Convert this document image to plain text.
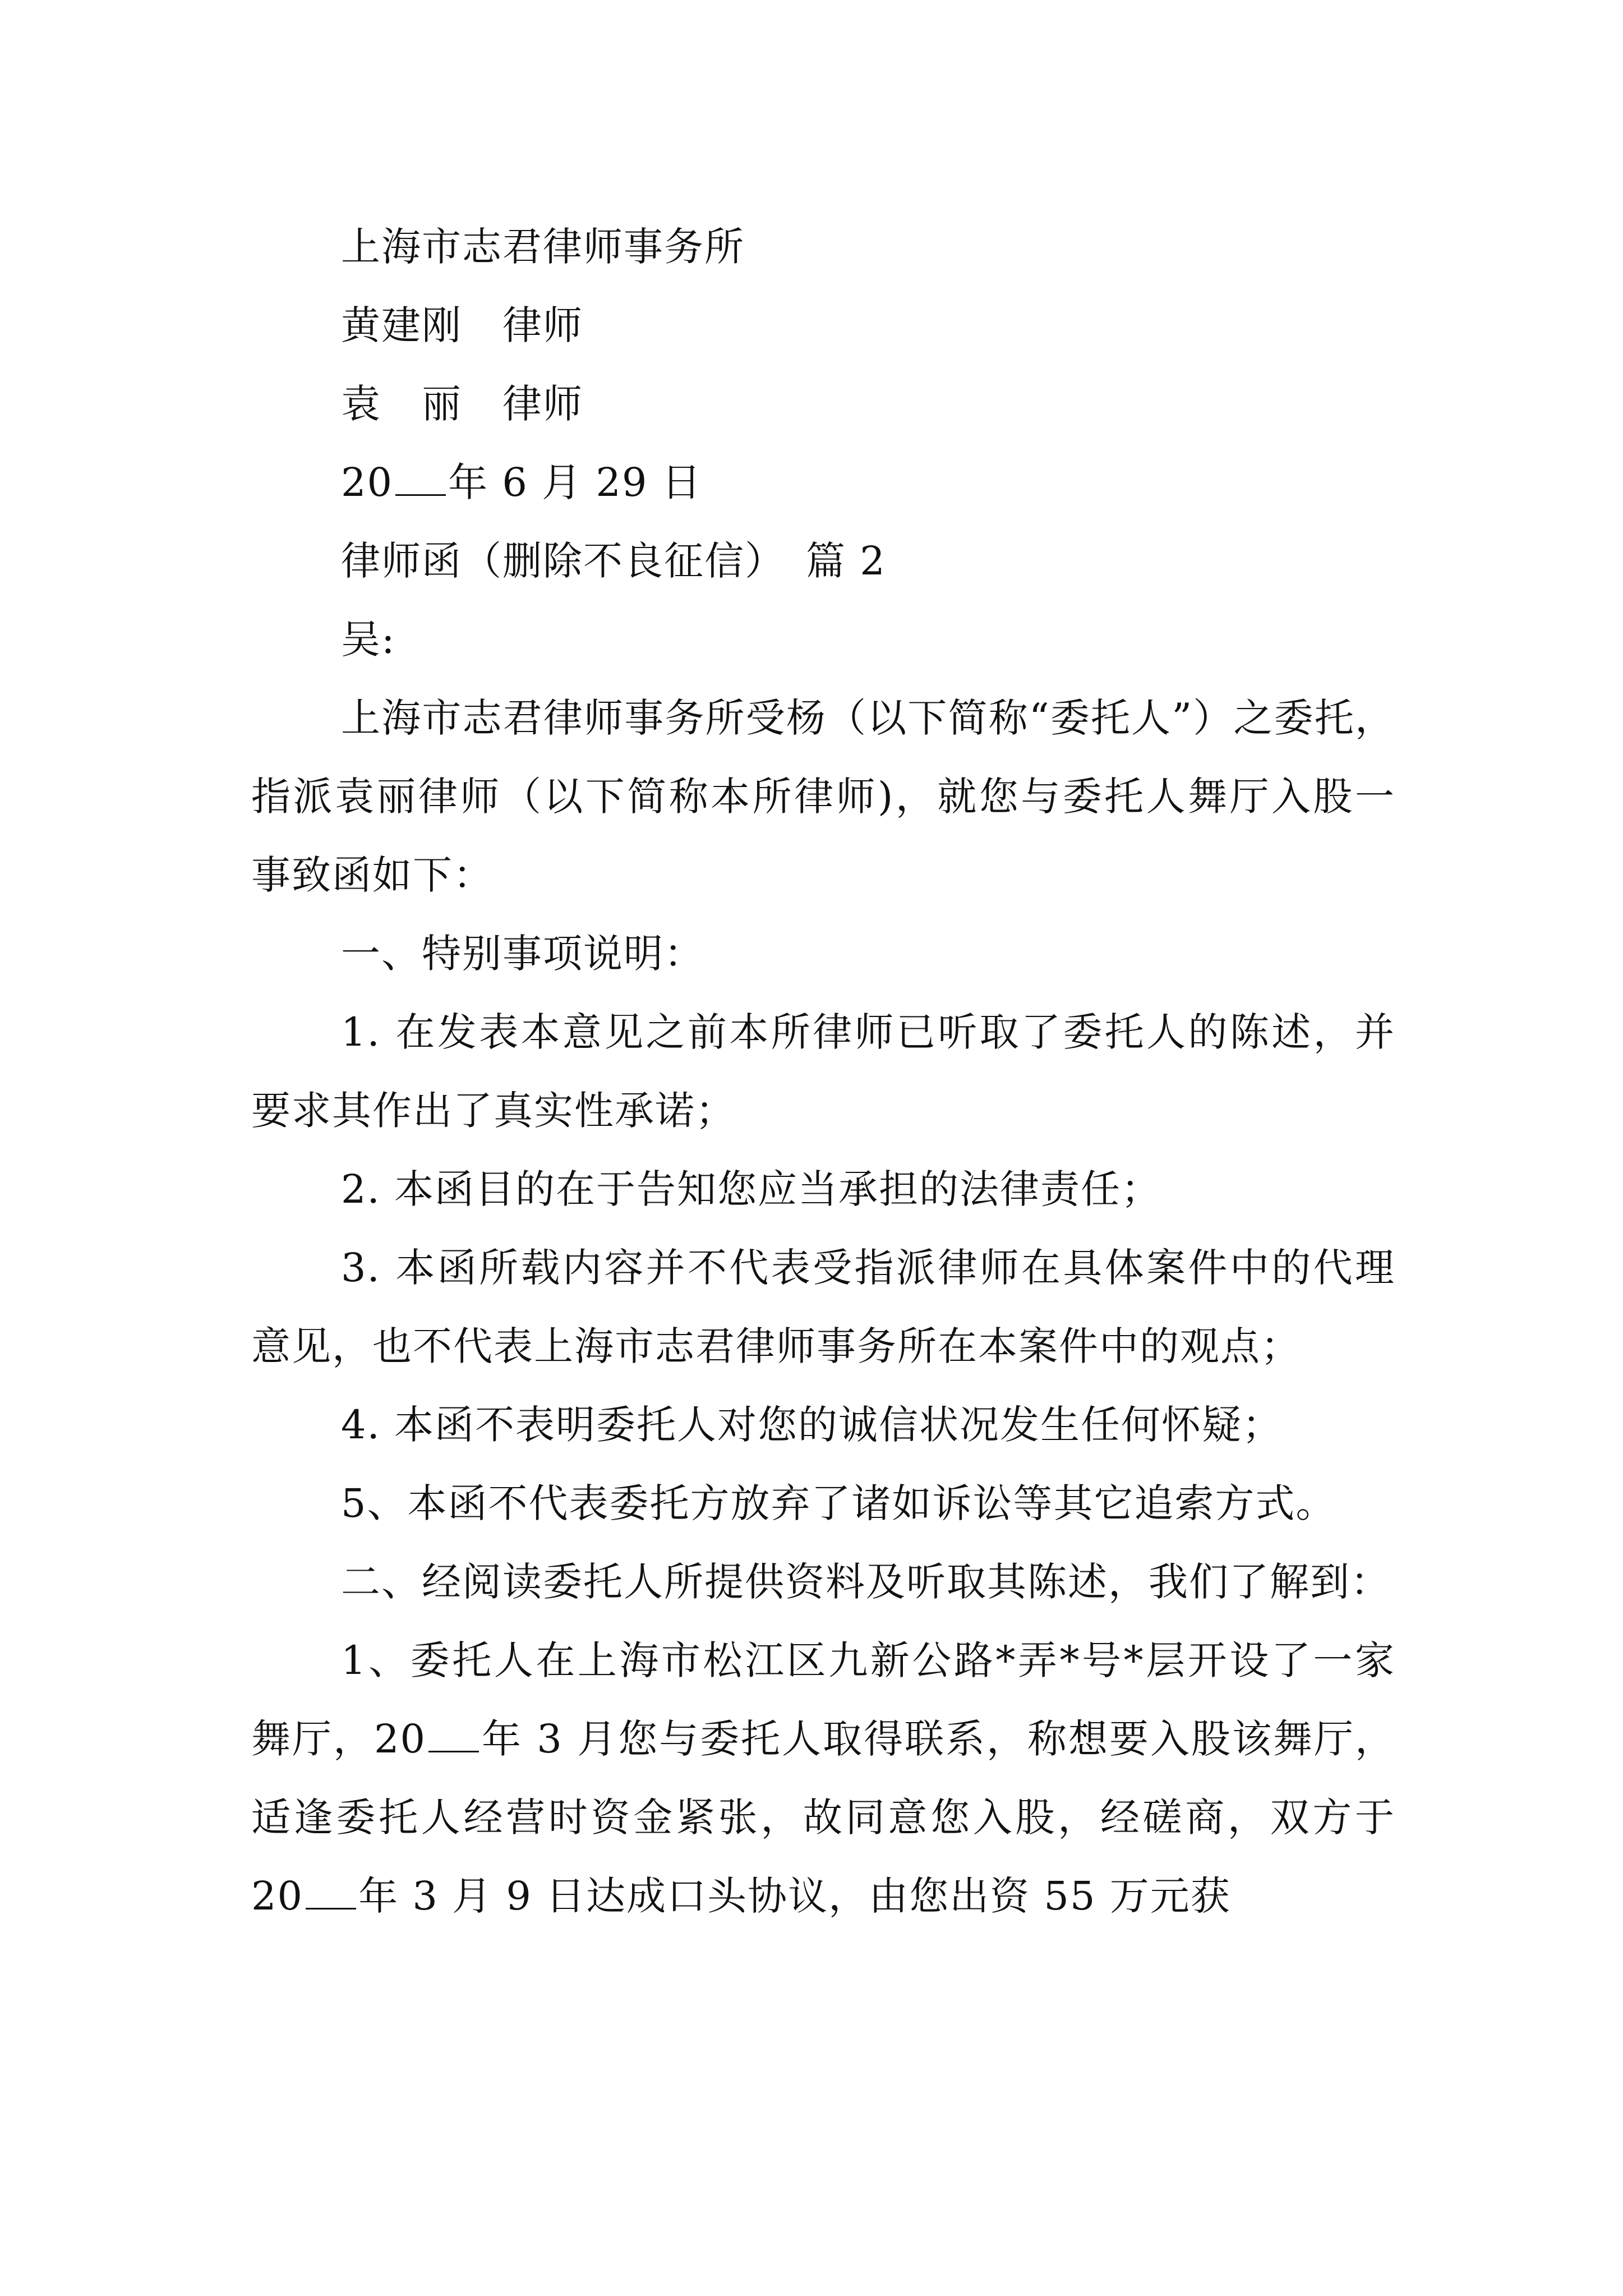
上海市志君律师事务所

黄建刚　律师

袁　丽　律师

20 年 6 月 29 日

律师函（删除不良征信）　篇 2

吴:

上海市志君律师事务所受杨（以下简称“委托人”）之委托，指派袁丽律师（以下简称本所律师)，就您与委托人舞厅入股一事致函如下：

一、特别事项说明：

1. 在发表本意见之前本所律师已听取了委托人的陈述，并要求其作出了真实性承诺；

2. 本函目的在于告知您应当承担的法律责任；

3. 本函所载内容并不代表受指派律师在具体案件中的代理意见，也不代表上海市志君律师事务所在本案件中的观点；

4. 本函不表明委托人对您的诚信状况发生任何怀疑；

5、本函不代表委托方放弃了诸如诉讼等其它追索方式。

二、经阅读委托人所提供资料及听取其陈述，我们了解到：

1、委托人在上海市松江区九新公路*弄*号*层开设了一家舞厅，20 年 3 月您与委托人取得联系，称想要入股该舞厅，适逢委托人经营时资金紧张，故同意您入股，经磋商，双方于 20 年 3 月 9 日达成口头协议，由您出资 55 万元获
